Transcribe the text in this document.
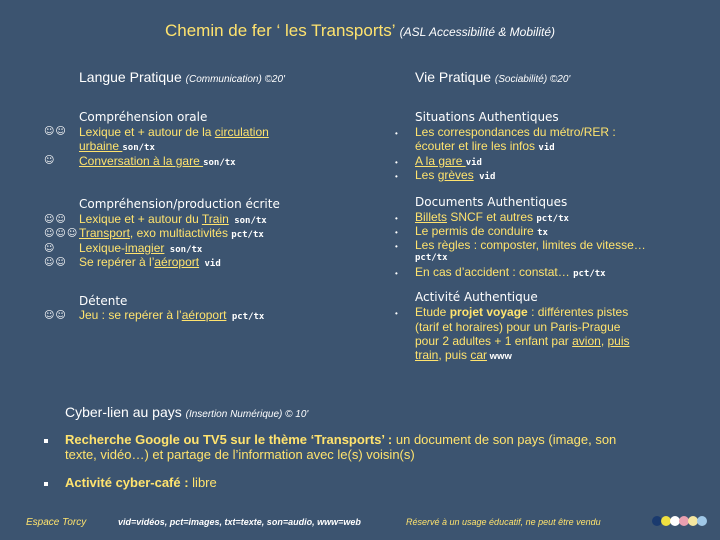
Chemin de fer ‘ les Transports’ (ASL Accessibilité & Mobilité)
Langue Pratique (Communication) ©20'	Vie Pratique (Sociabilité) ©20'
Compréhension orale
☺☺ Lexique et + autour de la circulation
urbaine son/tx
☺ Conversation à la gare son/tx
Compréhension/production écrite
☺☺ Lexique et + autour du Train son/tx
☺☺☺ Transport, exo multiactivités pct/tx
☺ Lexique-imagier son/tx
☺☺ Se repérer à l’aéroport vid
Détente
☺☺ Jeu : se repérer à l’aéroport pct/tx
Situations Authentiques
• Les correspondances du métro/RER :
écouter et lire les infos vid
• A la gare vid
• Les grèves vid
Documents Authentiques
• Billets SNCF et autres pct/tx
• Le permis de conduire tx
• Les règles : composter, limites de vitesse…
pct/tx
• En cas d’accident : constat… pct/tx
Activité Authentique
• Etude projet voyage : différentes pistes
(tarif et horaires) pour un Paris-Prague
pour 2 adultes + 1 enfant par avion, puis
train, puis car www
Cyber-lien au pays (Insertion Numérique) © 10'
Recherche Google ou TV5 sur le thème ‘Transports’ : un document de son pays (image, son
texte, vidéo…) et partage de l’information avec le(s) voisin(s)
Activité cyber-café : libre
Espace Torcy	vid=vidéos, pct=images, txt=texte, son=audio, www=web	Réservé à un usage éducatif, ne peut être vendu
